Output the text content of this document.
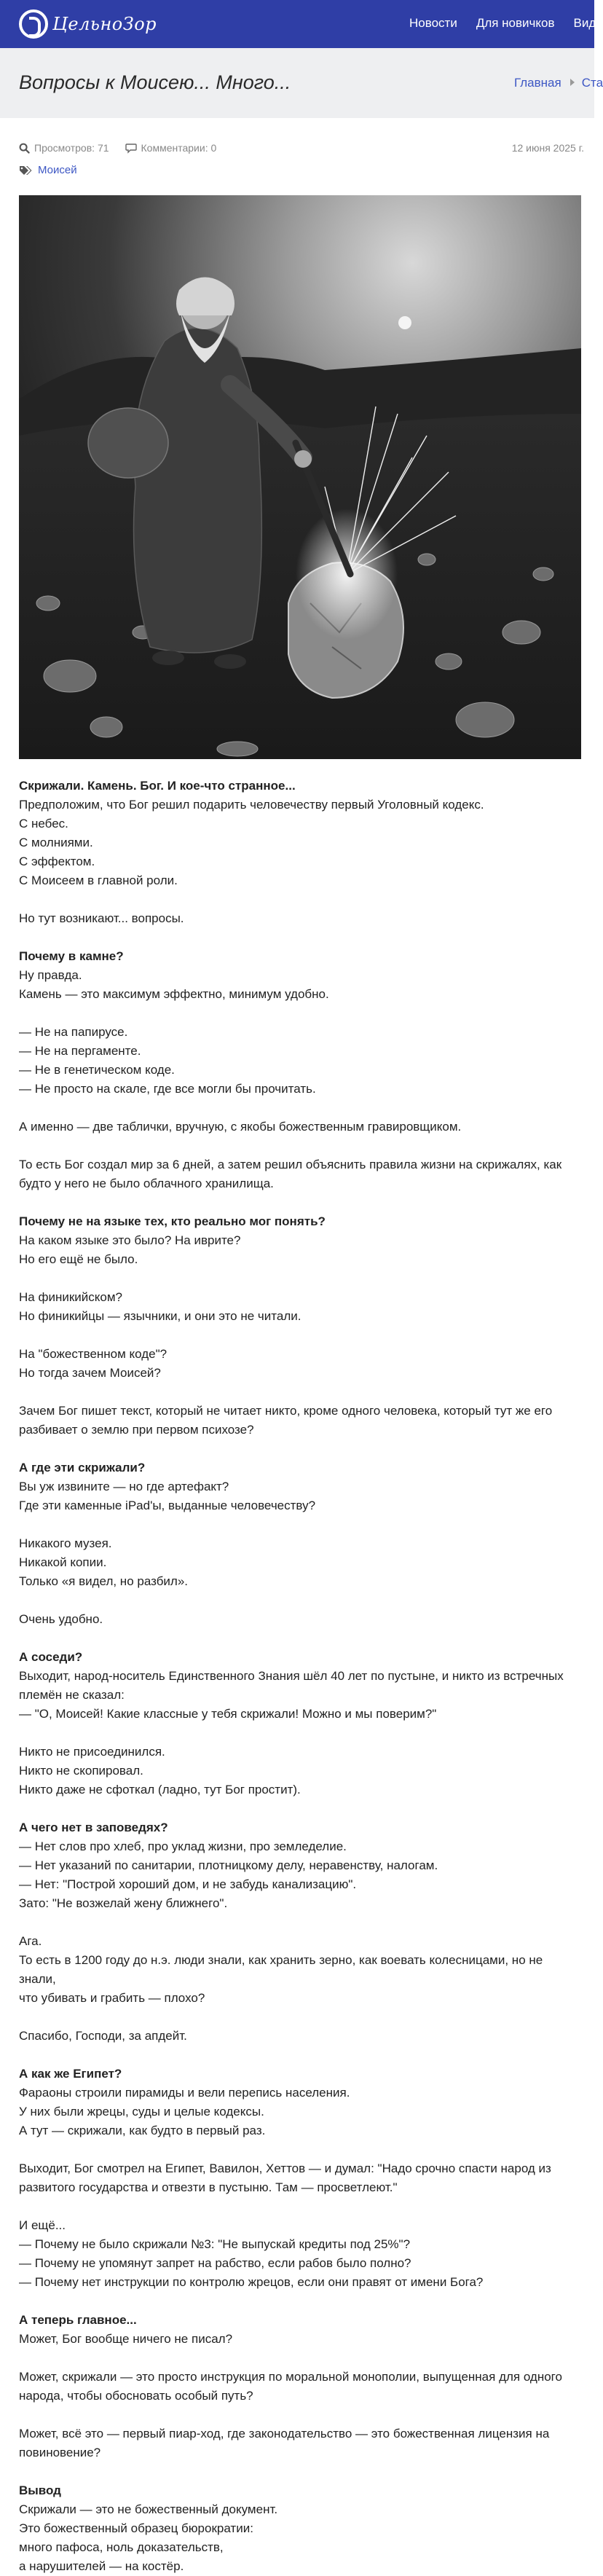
ЦельноЗор	Новости Для новичков Вид
Вопросы к Моисею... Много...	Главная Ста
Просмотров: 71	Комментарии: 0	12 июня 2025 г.
Моисей
Скрижали. Камень. Бог. И кое-что странное...
Предположим, что Бог решил подарить человечеству первый Уголовный кодекс.
С небес.
С молниями.
С эффектом.
С Моисеем в главной роли.
Но тут возникают... вопросы.
Почему в камне?
Ну правда.
Камень — это максимум эффектно, минимум удобно.
— Не на папирусе.
— Не на пергаменте.
— Не в генетическом коде.
— Не просто на скале, где все могли бы прочитать.
А именно — две таблички, вручную, с якобы божественным гравировщиком.
То есть Бог создал мир за 6 дней, а затем решил объяснить правила жизни на скрижалях, как
будто у него не было облачного хранилища.
Почему не на языке тех, кто реально мог понять?
На каком языке это было? На иврите?
Но его ещё не было.
На финикийском?
Но финикийцы — язычники, и они это не читали.
На "божественном коде"?
Но тогда зачем Моисей?
Зачем Бог пишет текст, который не читает никто, кроме одного человека, который тут же его
разбивает о землю при первом психозе?
А где эти скрижали?
Вы уж извините — но где артефакт?
Где эти каменные iPad'ы, выданные человечеству?
Никакого музея.
Никакой копии.
Только «я видел, но разбил».
Очень удобно.
А соседи?
Выходит, народ-носитель Единственного Знания шёл 40 лет по пустыне, и никто из встречных
племён не сказал:
— "О, Моисей! Какие классные у тебя скрижали! Можно и мы поверим?"
Никто не присоединился.
Никто не скопировал.
Никто даже не сфоткал (ладно, тут Бог простит).
А чего нет в заповедях?
— Нет слов про хлеб, про уклад жизни, про земледелие.
— Нет указаний по санитарии, плотницкому делу, неравенству, налогам.
— Нет: "Построй хороший дом, и не забудь канализацию".
Зато: "Не возжелай жену ближнего".
Ага.
То есть в 1200 году до н.э. люди знали, как хранить зерно, как воевать колесницами, но не знали,
что убивать и грабить — плохо?
Спасибо, Господи, за апдейт.
А как же Египет?
Фараоны строили пирамиды и вели перепись населения.
У них были жрецы, суды и целые кодексы.
А тут — скрижали, как будто в первый раз.
Выходит, Бог смотрел на Египет, Вавилон, Хеттов — и думал: "Надо срочно спасти народ из
развитого государства и отвезти в пустыню. Там — просветлеют."
И ещё...
— Почему не было скрижали №3: "Не выпускай кредиты под 25%"?
— Почему не упомянут запрет на рабство, если рабов было полно?
— Почему нет инструкции по контролю жрецов, если они правят от имени Бога?
А теперь главное...
Может, Бог вообще ничего не писал?
Может, скрижали — это просто инструкция по моральной монополии, выпущенная для одного
народа, чтобы обосновать особый путь?
Может, всё это — первый пиар-ход, где законодательство — это божественная лицензия на
повиновение?
Вывод
Скрижали — это не божественный документ.
Это божественный образец бюрократии:
много пафоса, ноль доказательств,
а нарушителей — на костёр.
